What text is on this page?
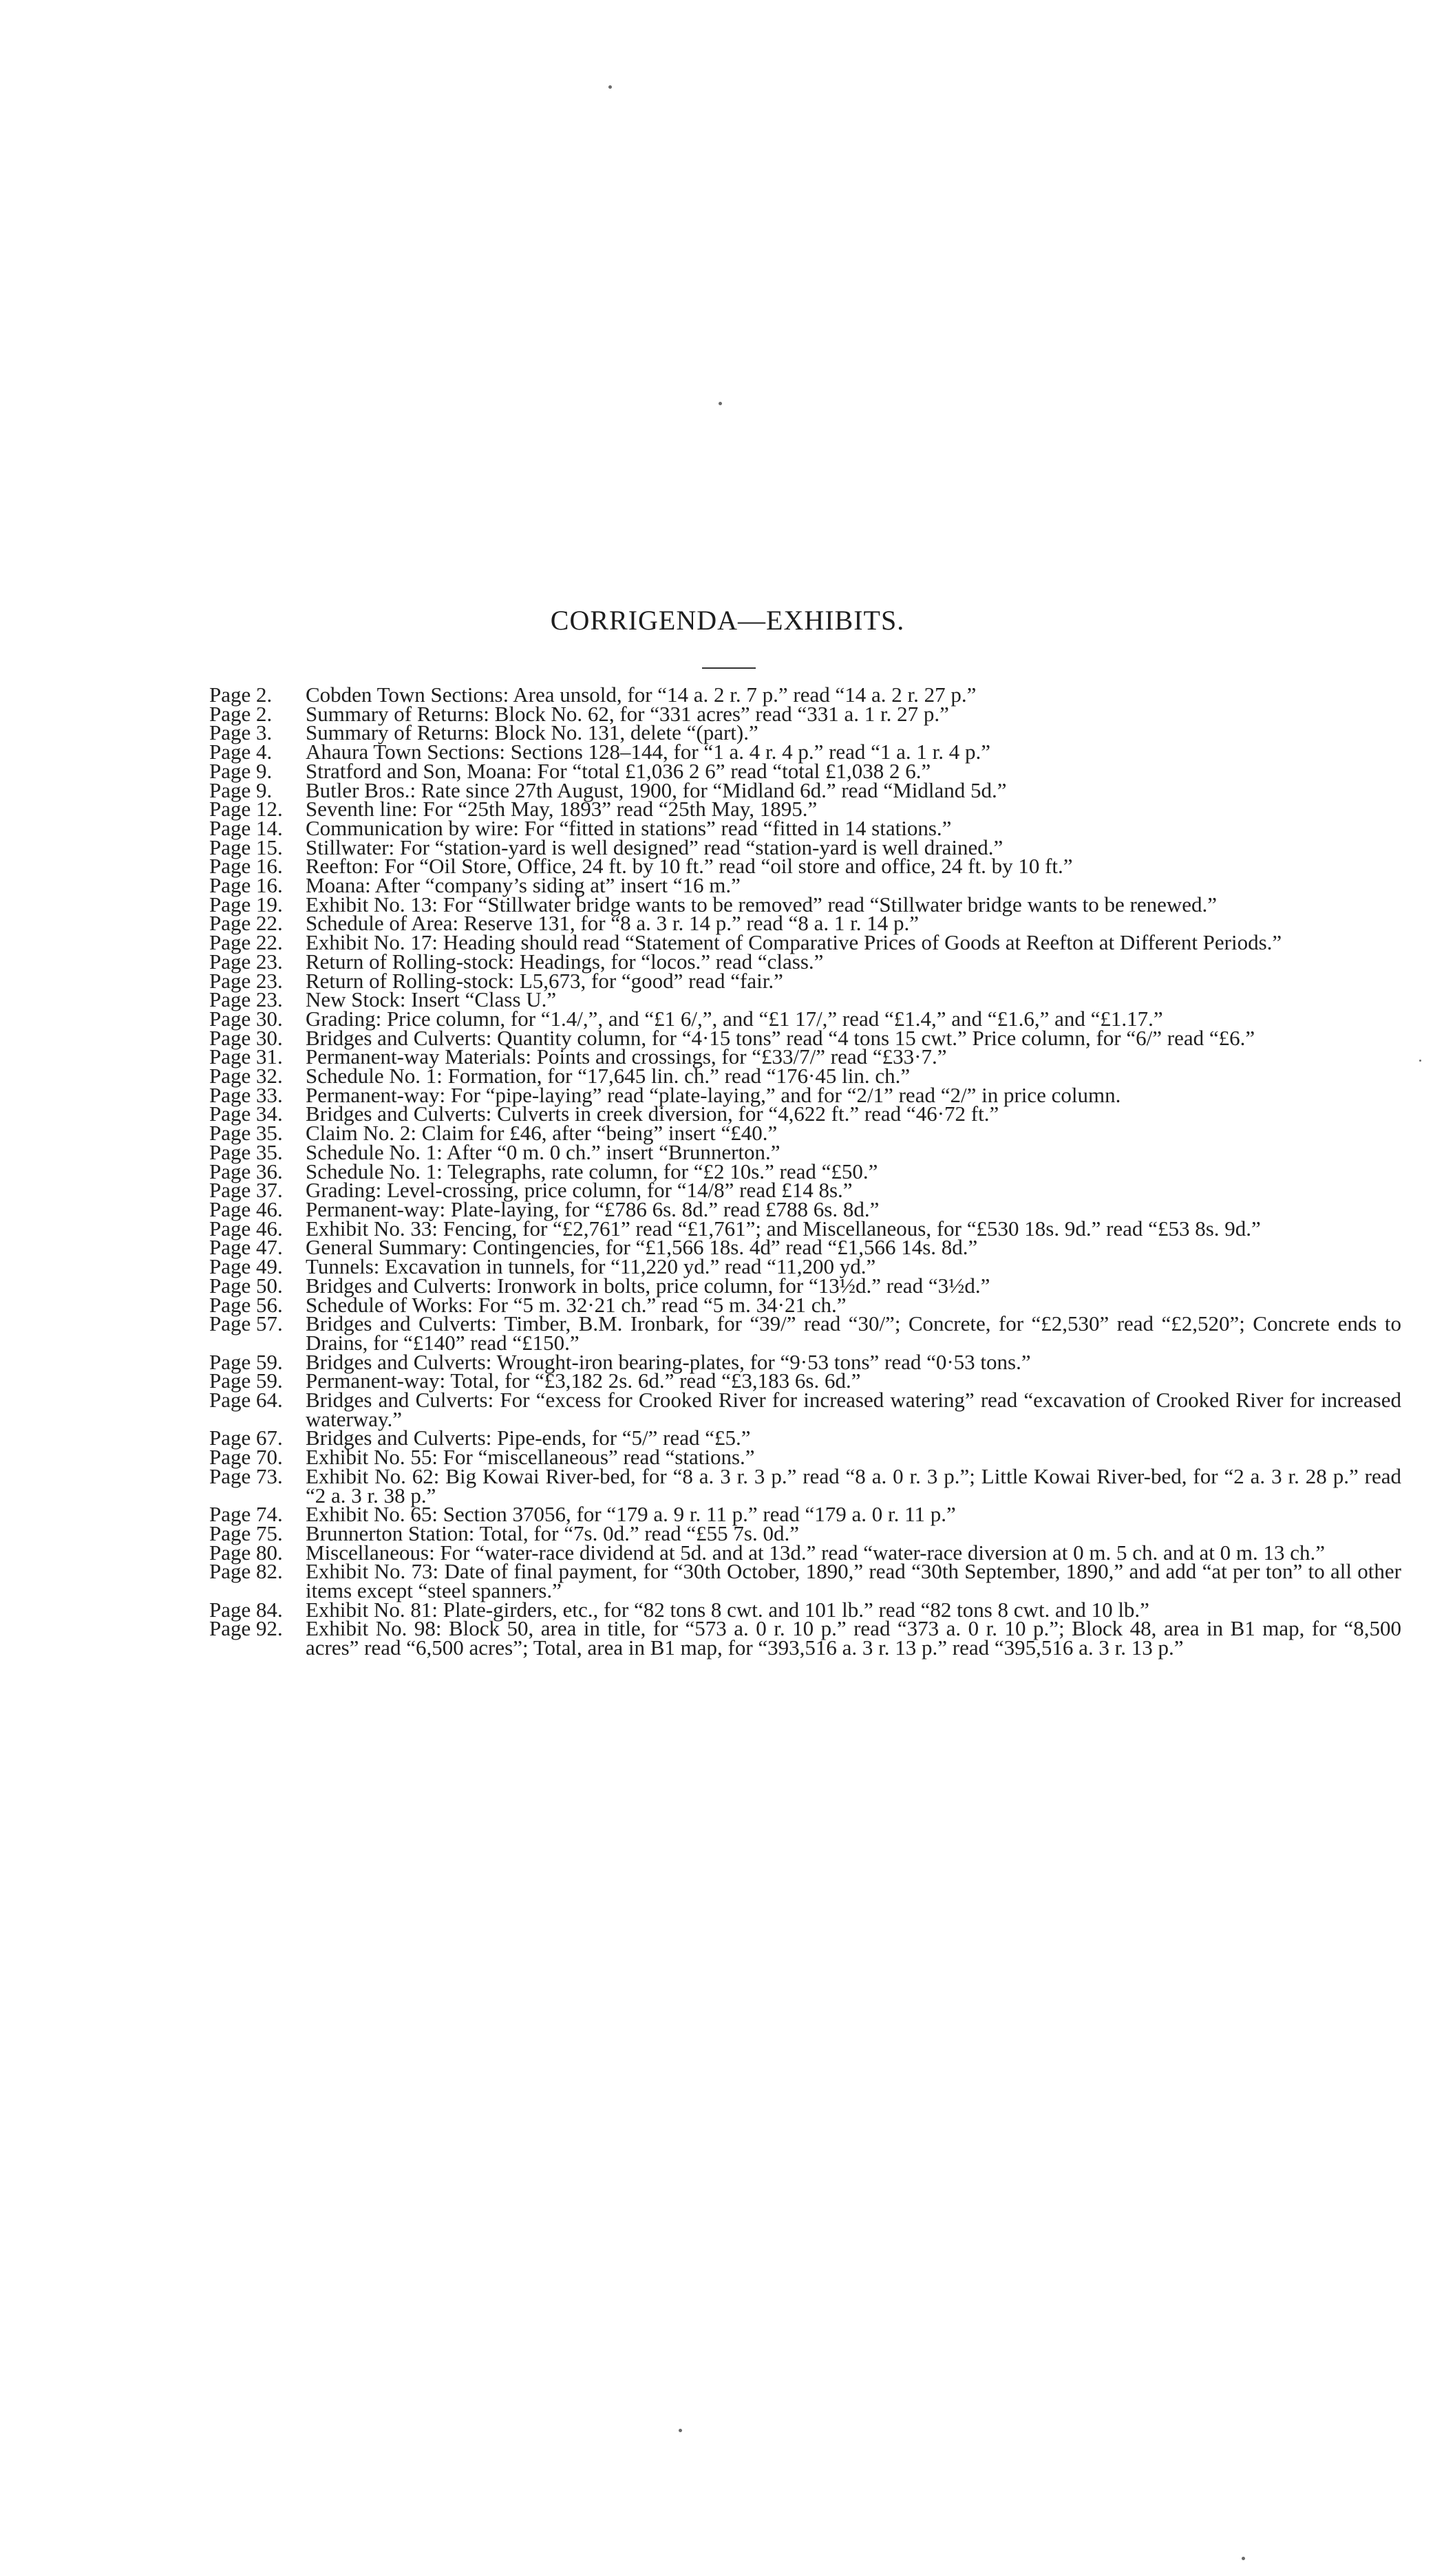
CORRIGENDA—EXHIBITS.
Page 2.	Cobden Town Sections: Area unsold, for “14 a. 2 r. 7 p.” read “14 a. 2 r. 27 p.”
Page 2.	Summary of Returns: Block No. 62, for “331 acres” read “331 a. 1 r. 27 p.”
Page 3.	Summary of Returns: Block No. 131, delete “(part).”
Page 4.	Ahaura Town Sections: Sections 128–144, for “1 a. 4 r. 4 p.” read “1 a. 1 r. 4 p.”
Page 9.	Stratford and Son, Moana: For “total £1,036 2 6” read “total £1,038 2 6.”
Page 9.	Butler Bros.: Rate since 27th August, 1900, for “Midland 6d.” read “Midland 5d.”
Page 12.	Seventh line: For “25th May, 1893” read “25th May, 1895.”
Page 14.	Communication by wire: For “fitted in stations” read “fitted in 14 stations.”
Page 15.	Stillwater: For “station-yard is well designed” read “station-yard is well drained.”
Page 16.	Reefton: For “Oil Store, Office, 24 ft. by 10 ft.” read “oil store and office, 24 ft. by 10 ft.”
Page 16.	Moana: After “company’s siding at” insert “16 m.”
Page 19.	Exhibit No. 13: For “Stillwater bridge wants to be removed” read “Stillwater bridge wants to be renewed.”
Page 22.	Schedule of Area: Reserve 131, for “8 a. 3 r. 14 p.” read “8 a. 1 r. 14 p.”
Page 22.	Exhibit No. 17: Heading should read “Statement of Comparative Prices of Goods at Reefton at Different Periods.”
Page 23.	Return of Rolling-stock: Headings, for “locos.” read “class.”
Page 23.	Return of Rolling-stock: L5,673, for “good” read “fair.”
Page 23.	New Stock: Insert “Class U.”
Page 30.	Grading: Price column, for “1.4/,”, and “£1 6/,”, and “£1 17/,” read “£1.4,” and “£1.6,” and “£1.17.”
Page 30.	Bridges and Culverts: Quantity column, for “4·15 tons” read “4 tons 15 cwt.” Price column, for “6/” read “£6.”
Page 31.	Permanent-way Materials: Points and crossings, for “£33/7/” read “£33·7.”
Page 32.	Schedule No. 1: Formation, for “17,645 lin. ch.” read “176·45 lin. ch.”
Page 33.	Permanent-way: For “pipe-laying” read “plate-laying,” and for “2/1” read “2/” in price column.
Page 34.	Bridges and Culverts: Culverts in creek diversion, for “4,622 ft.” read “46·72 ft.”
Page 35.	Claim No. 2: Claim for £46, after “being” insert “£40.”
Page 35.	Schedule No. 1: After “0 m. 0 ch.” insert “Brunnerton.”
Page 36.	Schedule No. 1: Telegraphs, rate column, for “£2 10s.” read “£50.”
Page 37.	Grading: Level-crossing, price column, for “14/8” read £14 8s.”
Page 46.	Permanent-way: Plate-laying, for “£786 6s. 8d.” read £788 6s. 8d.”
Page 46.	Exhibit No. 33: Fencing, for “£2,761” read “£1,761”; and Miscellaneous, for “£530 18s. 9d.” read “£53 8s. 9d.”
Page 47.	General Summary: Contingencies, for “£1,566 18s. 4d” read “£1,566 14s. 8d.”
Page 49.	Tunnels: Excavation in tunnels, for “11,220 yd.” read “11,200 yd.”
Page 50.	Bridges and Culverts: Ironwork in bolts, price column, for “13½d.” read “3½d.”
Page 56.	Schedule of Works: For “5 m. 32·21 ch.” read “5 m. 34·21 ch.”
Page 57.	Bridges and Culverts: Timber, B.M. Ironbark, for “39/” read “30/”; Concrete, for “£2,530” read “£2,520”; Concrete ends to Drains, for “£140” read “£150.”
Page 59.	Bridges and Culverts: Wrought-iron bearing-plates, for “9·53 tons” read “0·53 tons.”
Page 59.	Permanent-way: Total, for “£3,182 2s. 6d.” read “£3,183 6s. 6d.”
Page 64.	Bridges and Culverts: For “excess for Crooked River for increased watering” read “excavation of Crooked River for increased waterway.”
Page 67.	Bridges and Culverts: Pipe-ends, for “5/” read “£5.”
Page 70.	Exhibit No. 55: For “miscellaneous” read “stations.”
Page 73.	Exhibit No. 62: Big Kowai River-bed, for “8 a. 3 r. 3 p.” read “8 a. 0 r. 3 p.”; Little Kowai River-bed, for “2 a. 3 r. 28 p.” read “2 a. 3 r. 38 p.”
Page 74.	Exhibit No. 65: Section 37056, for “179 a. 9 r. 11 p.” read “179 a. 0 r. 11 p.”
Page 75.	Brunnerton Station: Total, for “7s. 0d.” read “£55 7s. 0d.”
Page 80.	Miscellaneous: For “water-race dividend at 5d. and at 13d.” read “water-race diversion at 0 m. 5 ch. and at 0 m. 13 ch.”
Page 82.	Exhibit No. 73: Date of final payment, for “30th October, 1890,” read “30th September, 1890,” and add “at per ton” to all other items except “steel spanners.”
Page 84.	Exhibit No. 81: Plate-girders, etc., for “82 tons 8 cwt. and 101 lb.” read “82 tons 8 cwt. and 10 lb.”
Page 92.	Exhibit No. 98: Block 50, area in title, for “573 a. 0 r. 10 p.” read “373 a. 0 r. 10 p.”; Block 48, area in B1 map, for “8,500 acres” read “6,500 acres”; Total, area in B1 map, for “393,516 a. 3 r. 13 p.” read “395,516 a. 3 r. 13 p.”
